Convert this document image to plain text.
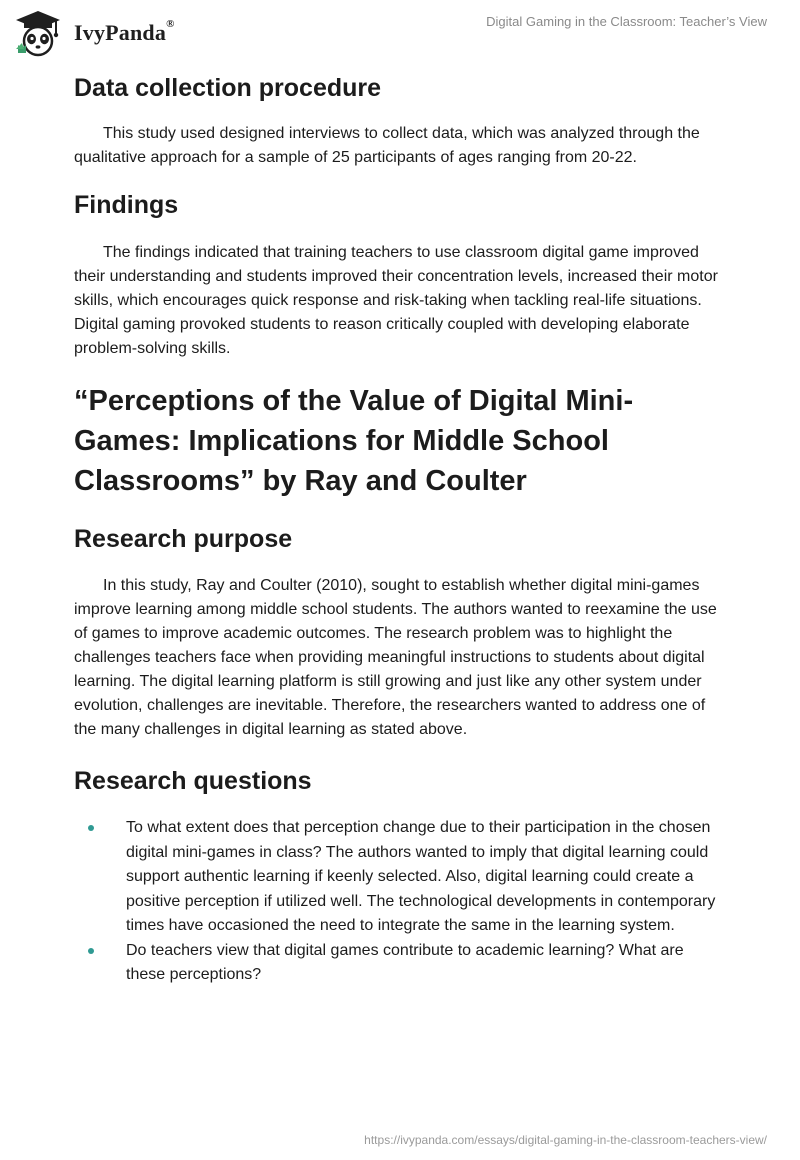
IvyPanda®	Digital Gaming in the Classroom: Teacher’s View
Data collection procedure

This study used designed interviews to collect data, which was analyzed through the qualitative approach for a sample of 25 participants of ages ranging from 20-22.

Findings

The findings indicated that training teachers to use classroom digital game improved their understanding and students improved their concentration levels, increased their motor skills, which encourages quick response and risk-taking when tackling real-life situations. Digital gaming provoked students to reason critically coupled with developing elaborate problem-solving skills.

“Perceptions of the Value of Digital Mini-Games: Implications for Middle School Classrooms” by Ray and Coulter
Research purpose

In this study, Ray and Coulter (2010), sought to establish whether digital mini-games improve learning among middle school students. The authors wanted to reexamine the use of games to improve academic outcomes. The research problem was to highlight the challenges teachers face when providing meaningful instructions to students about digital learning. The digital learning platform is still growing and just like any other system under evolution, challenges are inevitable. Therefore, the researchers wanted to address one of the many challenges in digital learning as stated above.

Research questions
To what extent does that perception change due to their participation in the chosen digital mini-games in class? The authors wanted to imply that digital learning could support authentic learning if keenly selected. Also, digital learning could create a positive perception if utilized well. The technological developments in contemporary times have occasioned the need to integrate the same in the learning system.
Do teachers view that digital games contribute to academic learning? What are these perceptions?
https://ivypanda.com/essays/digital-gaming-in-the-classroom-teachers-view/
